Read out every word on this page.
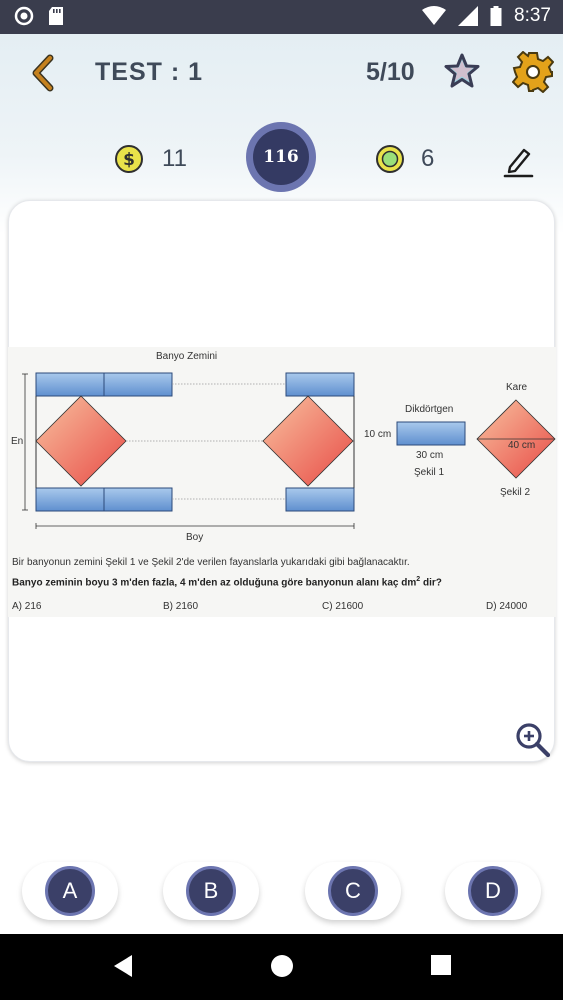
8:37
TEST : 1	5/10
$ 11	116	6
Banyo Zemini
En
Boy
Dikdörtgen
10 cm
30 cm
Şekil 1
Kare
40 cm
Şekil 2
Bir banyonun zemini Şekil 1 ve Şekil 2'de verilen fayanslarla yukarıdaki gibi bağlanacaktır.
Banyo zeminin boyu 3 m'den fazla, 4 m'den az olduğuna göre banyonun alanı kaç $dm^2$ dir?
A) 216	B) 2160	C) 21600	D) 24000
A	B	C	D
